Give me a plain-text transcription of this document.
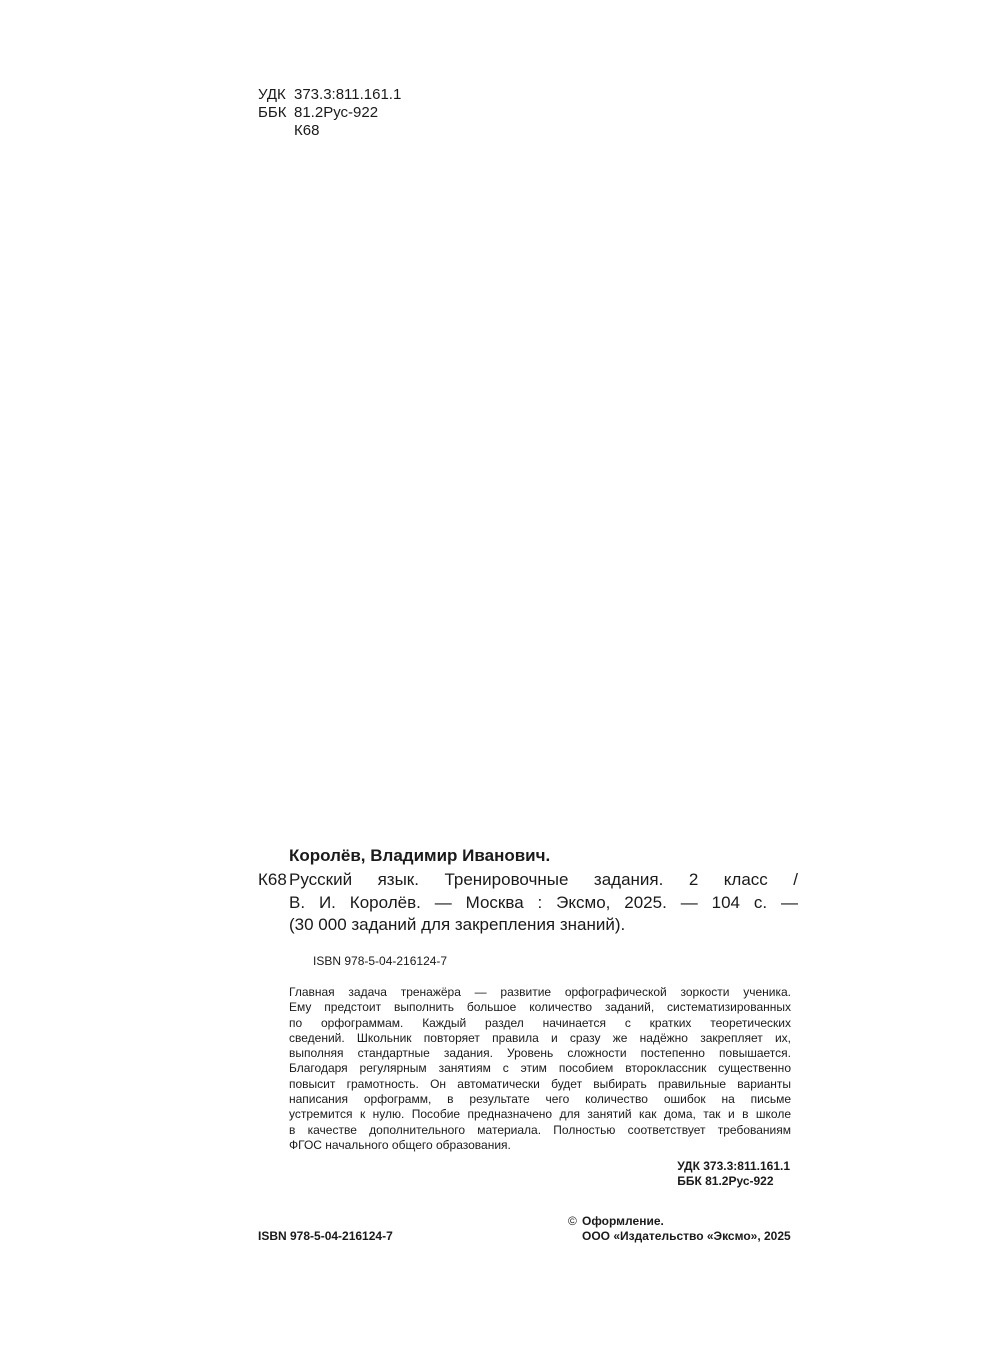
УДК 373.3:811.161.1
ББК 81.2Рус-922
К68
Королёв, Владимир Иванович.
К68 Русский язык. Тренировочные задания. 2 класс /
В. И. Королёв. — Москва : Эксмо, 2025. — 104 с. —
(30 000 заданий для закрепления знаний).
ISBN 978-5-04-216124-7
Главная задача тренажёра — развитие орфографической зоркости ученика.
Ему предстоит выполнить большое количество заданий, систематизированных
по орфограммам. Каждый раздел начинается с кратких теоретических
сведений. Школьник повторяет правила и сразу же надёжно закрепляет их,
выполняя стандартные задания. Уровень сложности постепенно повышается.
Благодаря регулярным занятиям с этим пособием второклассник существенно
повысит грамотность. Он автоматически будет выбирать правильные варианты
написания орфограмм, в результате чего количество ошибок на письме
устремится к нулю. Пособие предназначено для занятий как дома, так и в школе
в качестве дополнительного материала. Полностью соответствует требованиям
ФГОС начального общего образования.
УДК 373.3:811.161.1
ББК 81.2Рус-922
ISBN 978-5-04-216124-7
© Оформление.
ООО «Издательство «Эксмо», 2025
